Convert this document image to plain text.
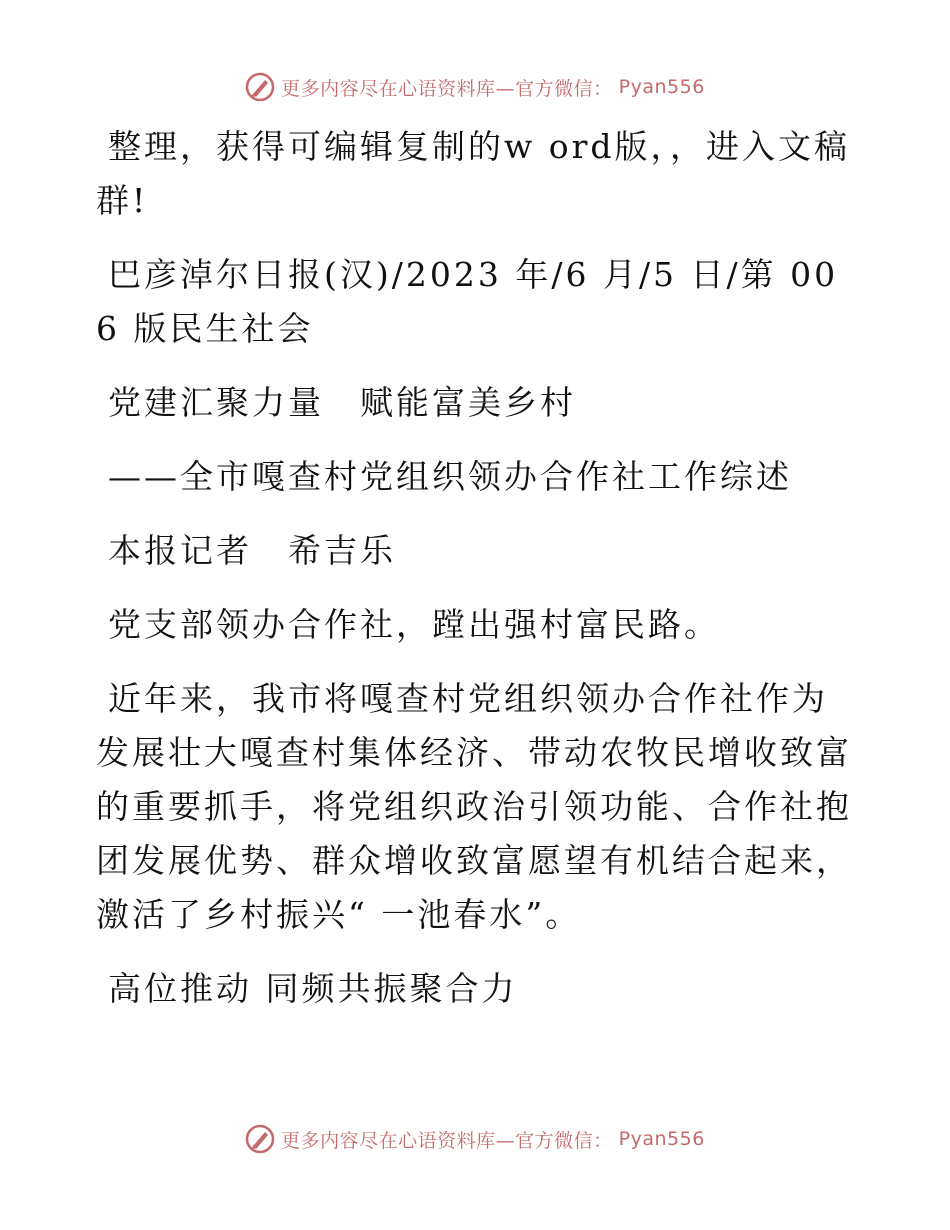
更多内容尽在心语资料库—官方微信： Pyan556

整理，获得可编辑复制的w ord版，，进入文稿群!

巴彦淖尔日报(汉)/2023 年/6 月/5 日/第 006 版民生社会

党建汇聚力量　赋能富美乡村

——全市嘎查村党组织领办合作社工作综述

本报记者　希吉乐

党支部领办合作社，蹚出强村富民路。

近年来，我市将嘎查村党组织领办合作社作为发展壮大嘎查村集体经济、带动农牧民增收致富的重要抓手，将党组织政治引领功能、合作社抱团发展优势、群众增收致富愿望有机结合起来，激活了乡村振兴“ 一池春水”。

高位推动 同频共振聚合力

更多内容尽在心语资料库—官方微信： Pyan556
